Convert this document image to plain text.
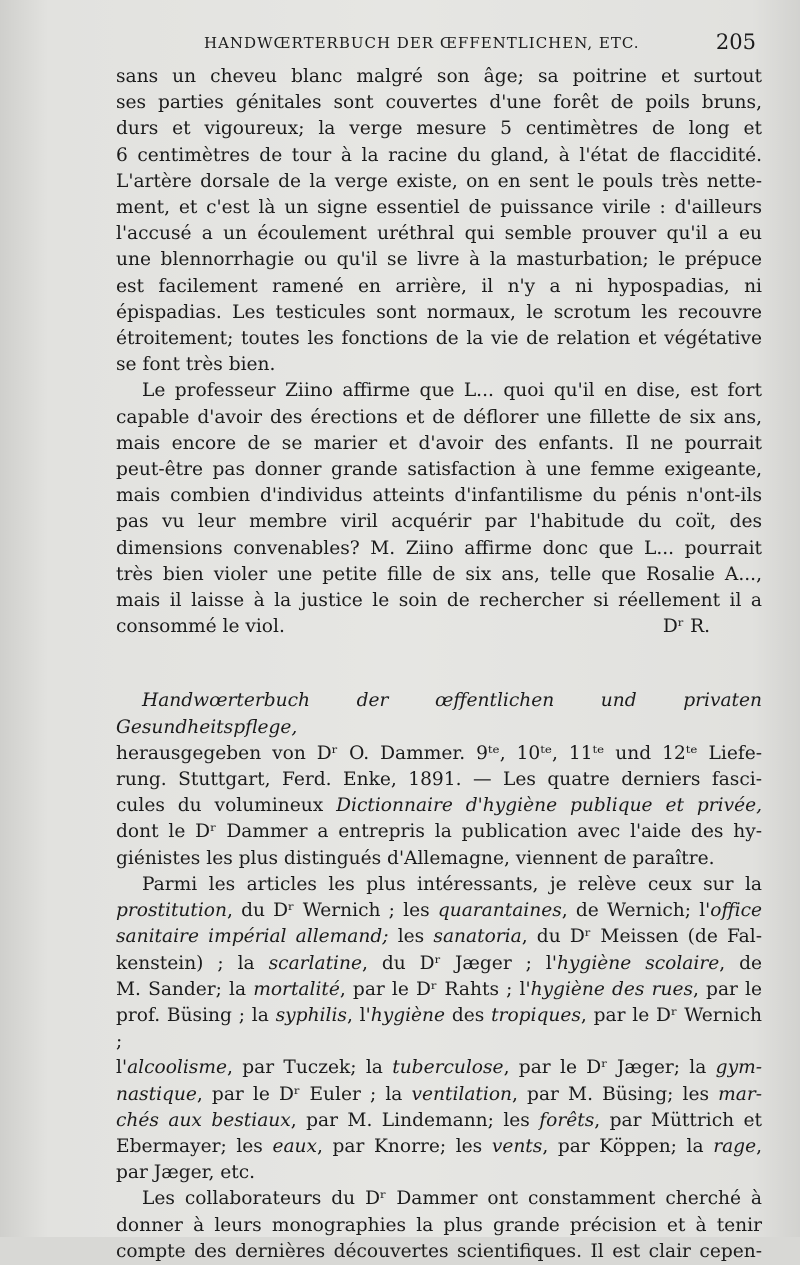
HANDWŒRTERBUCH DER ŒFFENTLICHEN, ETC.	205

sans un cheveu blanc malgré son âge; sa poitrine et surtout
ses parties génitales sont couvertes d'une forêt de poils bruns,
durs et vigoureux; la verge mesure 5 centimètres de long et
6 centimètres de tour à la racine du gland, à l'état de flaccidité.
L'artère dorsale de la verge existe, on en sent le pouls très nette-
ment, et c'est là un signe essentiel de puissance virile : d'ailleurs
l'accusé a un écoulement uréthral qui semble prouver qu'il a eu
une blennorrhagie ou qu'il se livre à la masturbation; le prépuce
est facilement ramené en arrière, il n'y a ni hypospadias, ni
épispadias. Les testicules sont normaux, le scrotum les recouvre
étroitement; toutes les fonctions de la vie de relation et végétative
se font très bien.

Le professeur Ziino affirme que L... quoi qu'il en dise, est fort
capable d'avoir des érections et de déflorer une fillette de six ans,
mais encore de se marier et d'avoir des enfants. Il ne pourrait
peut-être pas donner grande satisfaction à une femme exigeante,
mais combien d'individus atteints d'infantilisme du pénis n'ont-ils
pas vu leur membre viril acquérir par l'habitude du coït, des
dimensions convenables? M. Ziino affirme donc que L... pourrait
très bien violer une petite fille de six ans, telle que Rosalie A...,
mais il laisse à la justice le soin de rechercher si réellement il a

consommé le viol.	Dʳ R.

Handwœrterbuch der œffentlichen und privaten Gesundheitspflege,
herausgegeben von Dʳ O. Dammer. 9ᵗᵉ, 10ᵗᵉ, 11ᵗᵉ und 12ᵗᵉ Liefe-
rung. Stuttgart, Ferd. Enke, 1891. — Les quatre derniers fasci-
cules du volumineux Dictionnaire d'hygiène publique et privée,
dont le Dʳ Dammer a entrepris la publication avec l'aide des hy-
giénistes les plus distingués d'Allemagne, viennent de paraître.

Parmi les articles les plus intéressants, je relève ceux sur la
prostitution, du Dʳ Wernich ; les quarantaines, de Wernich; l'office
sanitaire impérial allemand; les sanatoria, du Dʳ Meissen (de Fal-
kenstein) ; la scarlatine, du Dʳ Jæger ; l'hygiène scolaire, de
M. Sander; la mortalité, par le Dʳ Rahts ; l'hygiène des rues, par le
prof. Büsing ; la syphilis, l'hygiène des tropiques, par le Dʳ Wernich ;
l'alcoolisme, par Tuczek; la tuberculose, par le Dʳ Jæger; la gym-
nastique, par le Dʳ Euler ; la ventilation, par M. Büsing; les mar-
chés aux bestiaux, par M. Lindemann; les forêts, par Müttrich et
Ebermayer; les eaux, par Knorre; les vents, par Köppen; la rage,
par Jæger, etc.

Les collaborateurs du Dʳ Dammer ont constamment cherché à
donner à leurs monographies la plus grande précision et à tenir
compte des dernières découvertes scientifiques. Il est clair cepen-
